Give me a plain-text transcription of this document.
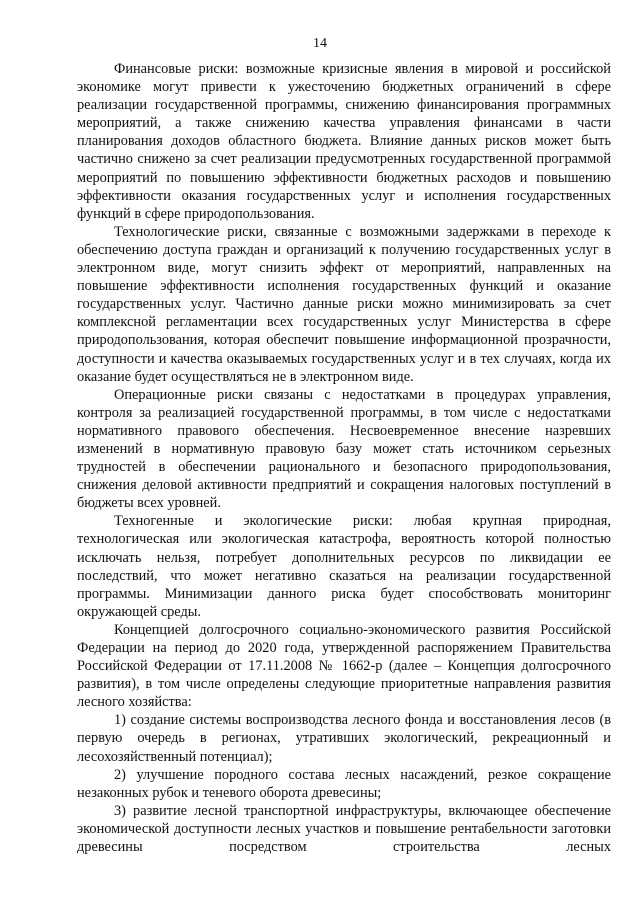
14

Финансовые риски: возможные кризисные явления в мировой и российской экономике могут привести к ужесточению бюджетных ограничений в сфере реализации государственной программы, снижению финансирования программных мероприятий, а также снижению качества управления финансами в части планирования доходов областного бюджета. Влияние данных рисков может быть частично снижено за счет реализации предусмотренных государственной программой мероприятий по повышению эффективности бюджетных расходов и повышению эффективности оказания государственных услуг и исполнения государственных функций в сфере природопользования.

Технологические риски, связанные с возможными задержками в переходе к обеспечению доступа граждан и организаций к получению государственных услуг в электронном виде, могут снизить эффект от мероприятий, направленных на повышение эффективности исполнения государственных функций и оказание государственных услуг. Частично данные риски можно минимизировать за счет комплексной регламентации всех государственных услуг Министерства в сфере природопользования, которая обеспечит повышение информационной прозрачности, доступности и качества оказываемых государственных услуг и в тех случаях, когда их оказание будет осуществляться не в электронном виде.

Операционные риски связаны с недостатками в процедурах управления, контроля за реализацией государственной программы, в том числе с недостатками нормативного правового обеспечения. Несвоевременное внесение назревших изменений в нормативную правовую базу может стать источником серьезных трудностей в обеспечении рационального и безопасного природопользования, снижения деловой активности предприятий и сокращения налоговых поступлений в бюджеты всех уровней.

Техногенные и экологические риски: любая крупная природная, технологическая или экологическая катастрофа, вероятность которой полностью исключать нельзя, потребует дополнительных ресурсов по ликвидации ее последствий, что может негативно сказаться на реализации государственной программы. Минимизации данного риска будет способствовать мониторинг окружающей среды.

Концепцией долгосрочного социально-экономического развития Российской Федерации на период до 2020 года, утвержденной распоряжением Правительства Российской Федерации от 17.11.2008 № 1662-р (далее – Концепция долгосрочного развития), в том числе определены следующие приоритетные направления развития лесного хозяйства:

1) создание системы воспроизводства лесного фонда и восстановления лесов (в первую очередь в регионах, утративших экологический, рекреационный и лесохозяйственный потенциал);

2) улучшение породного состава лесных насаждений, резкое сокращение незаконных рубок и теневого оборота древесины;

3) развитие лесной транспортной инфраструктуры, включающее обеспечение экономической доступности лесных участков и повышение рентабельности заготовки древесины посредством строительства лесных
